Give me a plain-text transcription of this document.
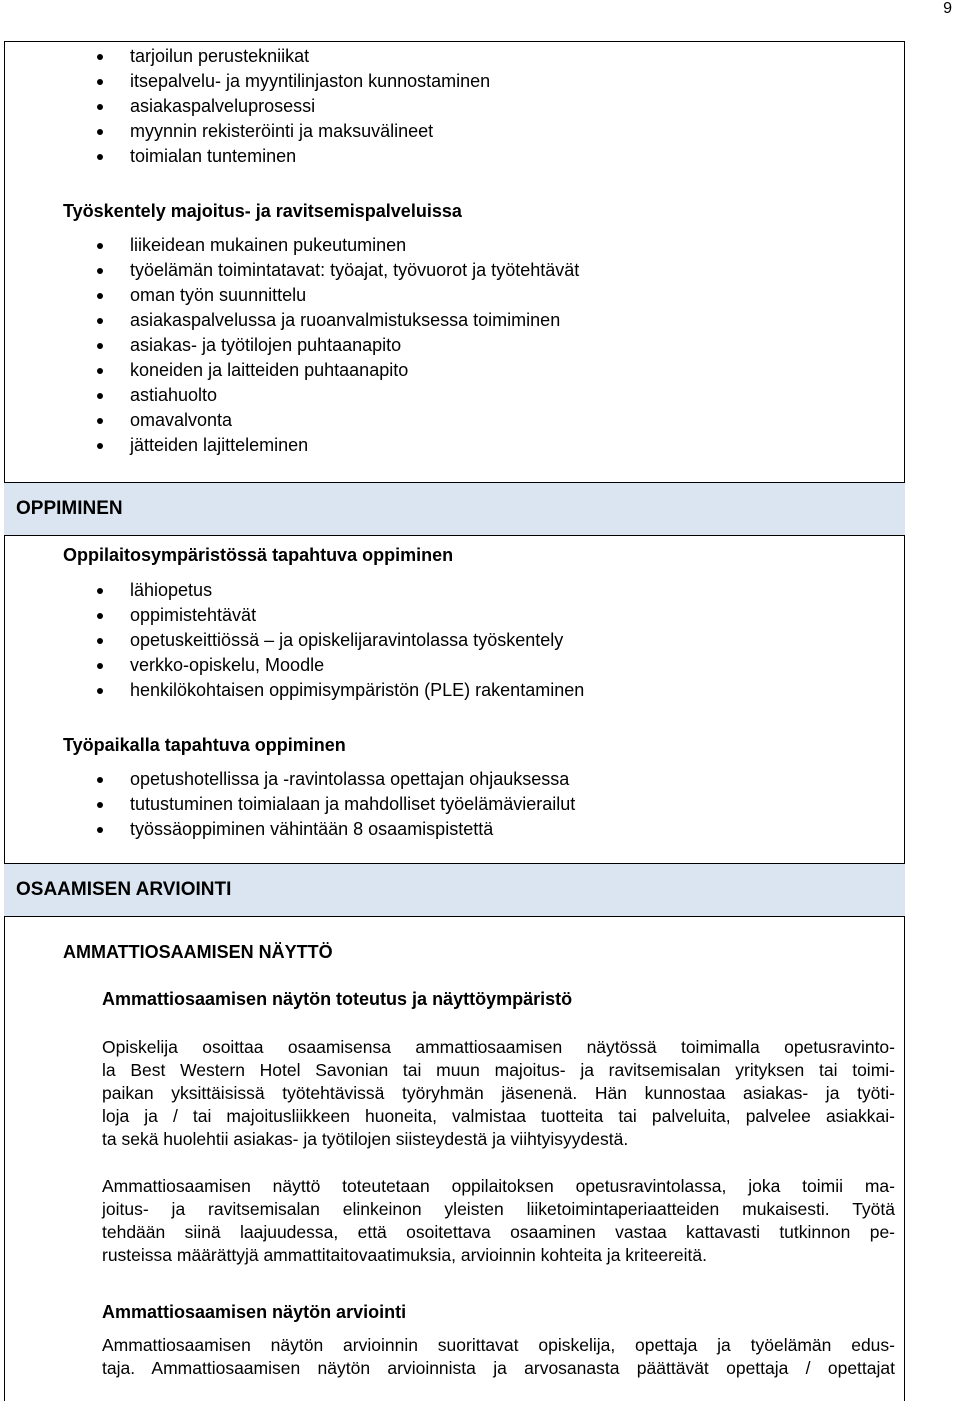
9
tarjoilun perustekniikat
itsepalvelu- ja myyntilinjaston kunnostaminen
asiakaspalveluprosessi
myynnin rekisteröinti ja maksuvälineet
toimialan tunteminen
Työskentely majoitus- ja ravitsemispalveluissa
liikeidean mukainen pukeutuminen
työelämän toimintatavat: työajat, työvuorot ja työtehtävät
oman työn suunnittelu
asiakaspalvelussa ja ruoanvalmistuksessa toimiminen
asiakas- ja työtilojen puhtaanapito
koneiden ja laitteiden puhtaanapito
astiahuolto
omavalvonta
jätteiden lajitteleminen
OPPIMINEN
Oppilaitosympäristössä tapahtuva oppiminen
lähiopetus
oppimistehtävät
opetuskeittiössä – ja opiskelijaravintolassa työskentely
verkko-opiskelu, Moodle
henkilökohtaisen oppimisympäristön (PLE) rakentaminen
Työpaikalla tapahtuva oppiminen
opetushotellissa ja -ravintolassa opettajan ohjauksessa
tutustuminen toimialaan ja mahdolliset työelämävierailut
työssäoppiminen vähintään 8 osaamispistettä
OSAAMISEN ARVIOINTI
AMMATTIOSAAMISEN NÄYTTÖ
Ammattiosaamisen näytön toteutus ja näyttöympäristö
Opiskelija osoittaa osaamisensa ammattiosaamisen näytössä toimimalla opetusravinto-
la Best Western Hotel Savonian tai muun majoitus- ja ravitsemisalan yrityksen tai toimi-
paikan yksittäisissä työtehtävissä työryhmän jäsenenä. Hän kunnostaa asiakas- ja työti-
loja ja / tai majoitusliikkeen huoneita, valmistaa tuotteita tai palveluita, palvelee asiakkai-
ta sekä huolehtii asiakas- ja työtilojen siisteydestä ja viihtyisyydestä.
Ammattiosaamisen näyttö toteutetaan oppilaitoksen opetusravintolassa, joka toimii ma-
joitus- ja ravitsemisalan elinkeinon yleisten liiketoimintaperiaatteiden mukaisesti. Työtä
tehdään siinä laajuudessa, että osoitettava osaaminen vastaa kattavasti tutkinnon pe-
rusteissa määrättyjä ammattitaitovaatimuksia, arvioinnin kohteita ja kriteereitä.
Ammattiosaamisen näytön arviointi
Ammattiosaamisen näytön arvioinnin suorittavat opiskelija, opettaja ja työelämän edus-
taja. Ammattiosaamisen näytön arvioinnista ja arvosanasta päättävät opettaja / opettajat
